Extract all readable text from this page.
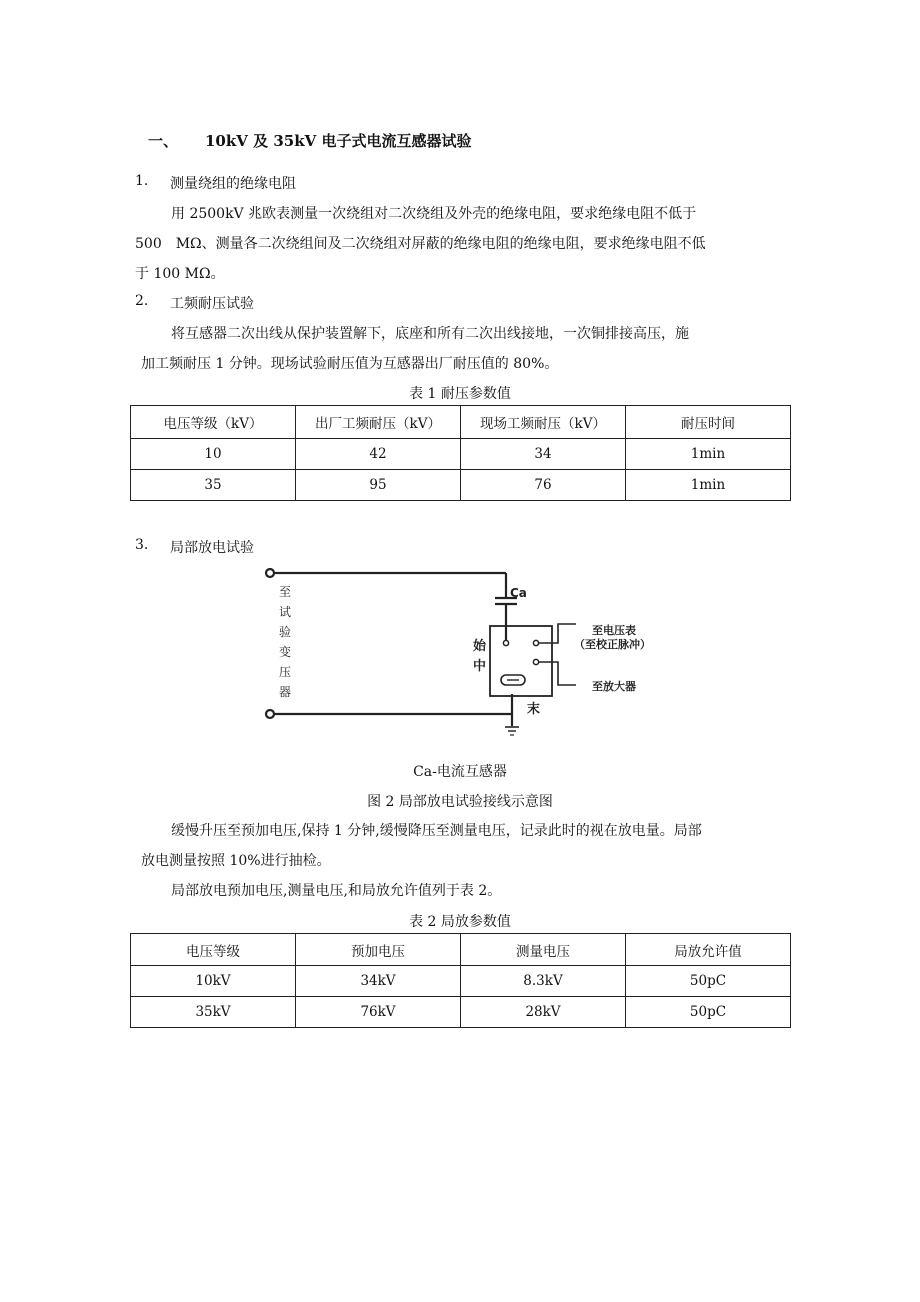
一、 10kV 及 35kV 电子式电流互感器试验
1. 测量绕组的绝缘电阻
用 2500kV 兆欧表测量一次绕组对二次绕组及外壳的绝缘电阻，要求绝缘电阻不低于
500　MΩ、测量各二次绕组间及二次绕组对屏蔽的绝缘电阻的绝缘电阻，要求绝缘电阻不低
于 100 MΩ。
2. 工频耐压试验
将互感器二次出线从保护装置解下，底座和所有二次出线接地，一次铜排接高压，施
加工频耐压 1 分钟。现场试验耐压值为互感器出厂耐压值的 80%。
表 1 耐压参数值
电压等级（kV）	出厂工频耐压（kV）	现场工频耐压（kV）	耐压时间
10	42	34	1min
35	95	76	1min
3. 局部放电试验
至
试
验
变
压
器
Ca
始
中
末
至电压表
（至校正脉冲）
至放大器
Ca-电流互感器
图 2 局部放电试验接线示意图
缓慢升压至预加电压,保持 1 分钟,缓慢降压至测量电压，记录此时的视在放电量。局部
放电测量按照 10%进行抽检。
局部放电预加电压,测量电压,和局放允许值列于表 2。
表 2 局放参数值
电压等级	预加电压	测量电压	局放允许值
10kV	34kV	8.3kV	50pC
35kV	76kV	28kV	50pC
